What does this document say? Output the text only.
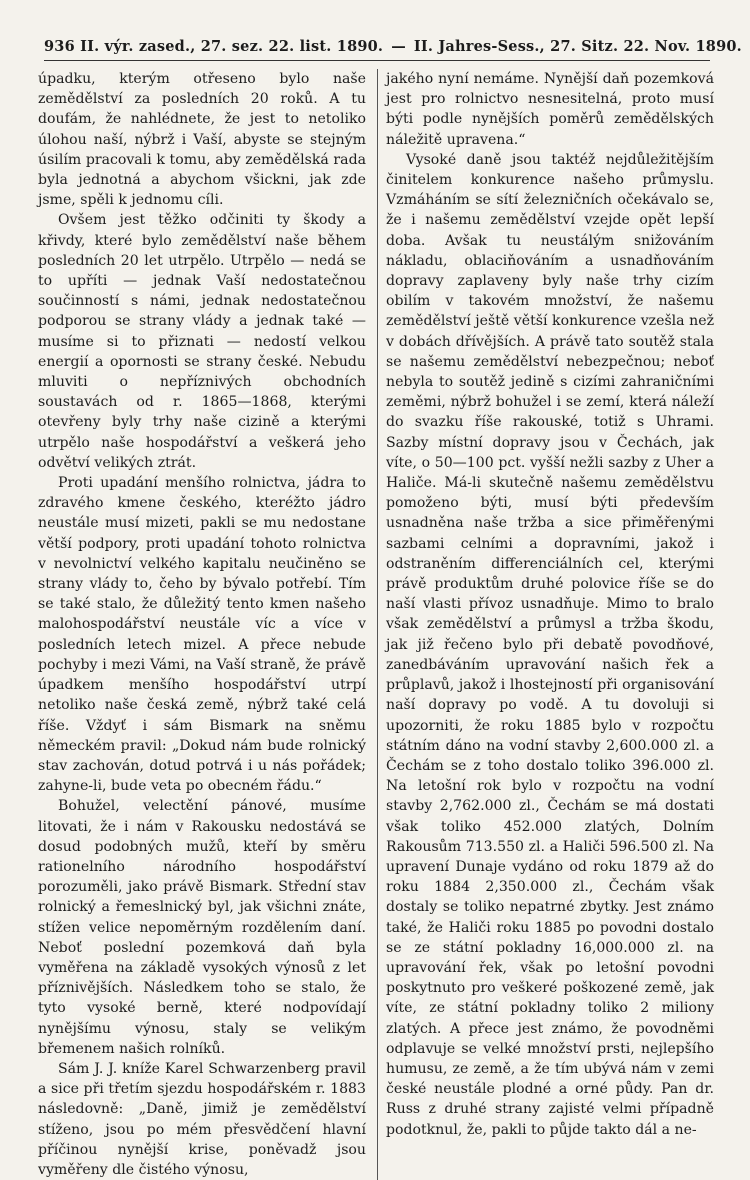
936 II. výr. zased., 27. sez. 22. list. 1890. — II. Jahres-Sess., 27. Sitz. 22. Nov. 1890.

úpadku, kterým otřeseno bylo naše zemědělství za posledních 20 roků. A tu doufám, že nahlédnete, že jest to netoliko úlohou naší, nýbrž i Vaší, abyste se stejným úsilím pracovali k tomu, aby zemědělská rada byla jednotná a abychom všickni, jak zde jsme, spěli k jednomu cíli.

Ovšem jest těžko odčiniti ty škody a křivdy, které bylo zemědělství naše během posledních 20 let utrpělo. Utrpělo — nedá se to upříti — jednak Vaší nedostatečnou součinností s námi, jednak nedostatečnou podporou se strany vlády a jednak také — musíme si to přiznati — nedostí velkou energií a opornosti se strany české. Nebudu mluviti o nepříznivých obchodních soustavách od r. 1865—1868, kterými otevřeny byly trhy naše cizině a kterými utrpělo naše hospodářství a veškerá jeho odvětví velikých ztrát.

Proti upadání menšího rolnictva, jádra to zdravého kmene českého, kteréžto jádro neustále musí mizeti, pakli se mu nedostane větší podpory, proti upadání tohoto rolnictva v nevolnictví velkého kapitalu neučiněno se strany vlády to, čeho by bývalo potřebí. Tím se také stalo, že důležitý tento kmen našeho malohospodářství neustále víc a více v posledních letech mizel. A přece nebude pochyby i mezi Vámi, na Vaší straně, že právě úpadkem menšího hospodářství utrpí netoliko naše česká země, nýbrž také celá říše. Vždyť i sám Bismark na sněmu německém pravil: „Dokud nám bude rolnický stav zachován, dotud potrvá i u nás pořádek; zahyne-li, bude veta po obecném řádu.“

Bohužel, velectění pánové, musíme litovati, že i nám v Rakousku nedostává se dosud podobných mužů, kteří by směru rationelního národního hospodářství porozuměli, jako právě Bismark. Střední stav rolnický a řemeslnický byl, jak všichni znáte, stížen velice nepoměrným rozdělením daní. Neboť poslední pozemková daň byla vyměřena na základě vysokých výnosů z let příznivějších. Následkem toho se stalo, že tyto vysoké berně, které nodpovídají nynějšímu výnosu, staly se velikým břemenem našich rolníků.

Sám J. J. kníže Karel Schwarzenberg pravil a sice při třetím sjezdu hospodářském r. 1883 následovně: „Daně, jimiž je zemědělství stíženo, jsou po mém přesvědčení hlavní příčinou nynější krise, poněvadž jsou vyměřeny dle čistého výnosu,

jakého nyní nemáme. Nynější daň pozemková jest pro rolnictvo nesnesitelná, proto musí býti podle nynějších poměrů zemědělských náležitě upravena.“

Vysoké daně jsou taktéž nejdůležitějším činitelem konkurence našeho průmyslu. Vzmáháním se sítí železničních očekávalo se, že i našemu zemědělství vzejde opět lepší doba. Avšak tu neustálým snižováním nákladu, oblaciňováním a usnadňováním dopravy zaplaveny byly naše trhy cizím obilím v takovém množství, že našemu zemědělství ještě větší konkurence vzešla než v dobách dřívějších. A právě tato soutěž stala se našemu zemědělství nebezpečnou; neboť nebyla to soutěž jedině s cizími zahraničními zeměmi, nýbrž bohužel i se zemí, která náleží do svazku říše rakouské, totiž s Uhrami. Sazby místní dopravy jsou v Čechách, jak víte, o 50—100 pct. vyšší nežli sazby z Uher a Haliče. Má-li skutečně našemu zemědělstvu pomoženo býti, musí býti především usnadněna naše tržba a sice přiměřenými sazbami celními a dopravními, jakož i odstraněním differenciálních cel, kterými právě produktům druhé polovice říše se do naší vlasti přívoz usnadňuje. Mimo to bralo však zemědělství a průmysl a tržba škodu, jak již řečeno bylo při debatě povodňové, zanedbáváním upravování našich řek a průplavů, jakož i lhostejností při organisování naší dopravy po vodě. A tu dovoluji si upozorniti, že roku 1885 bylo v rozpočtu státním dáno na vodní stavby 2,600.000 zl. a Čechám se z toho dostalo toliko 396.000 zl. Na letošní rok bylo v rozpočtu na vodní stavby 2,762.000 zl., Čechám se má dostati však toliko 452.000 zlatých, Dolním Rakousům 713.550 zl. a Haliči 596.500 zl. Na upravení Dunaje vydáno od roku 1879 až do roku 1884 2,350.000 zl., Čechám však dostaly se toliko nepatrné zbytky. Jest známo také, že Haliči roku 1885 po povodni dostalo se ze státní pokladny 16,000.000 zl. na upravování řek, však po letošní povodni poskytnuto pro veškeré poškozené země, jak víte, ze státní pokladny toliko 2 miliony zlatých. A přece jest známo, že povodněmi odplavuje se velké množství prsti, nejlepšího humusu, ze země, a že tím ubývá nám v zemi české neustále plodné a orné půdy. Pan dr. Russ z druhé strany zajisté velmi případně podotknul, že, pakli to půjde takto dál a ne-
